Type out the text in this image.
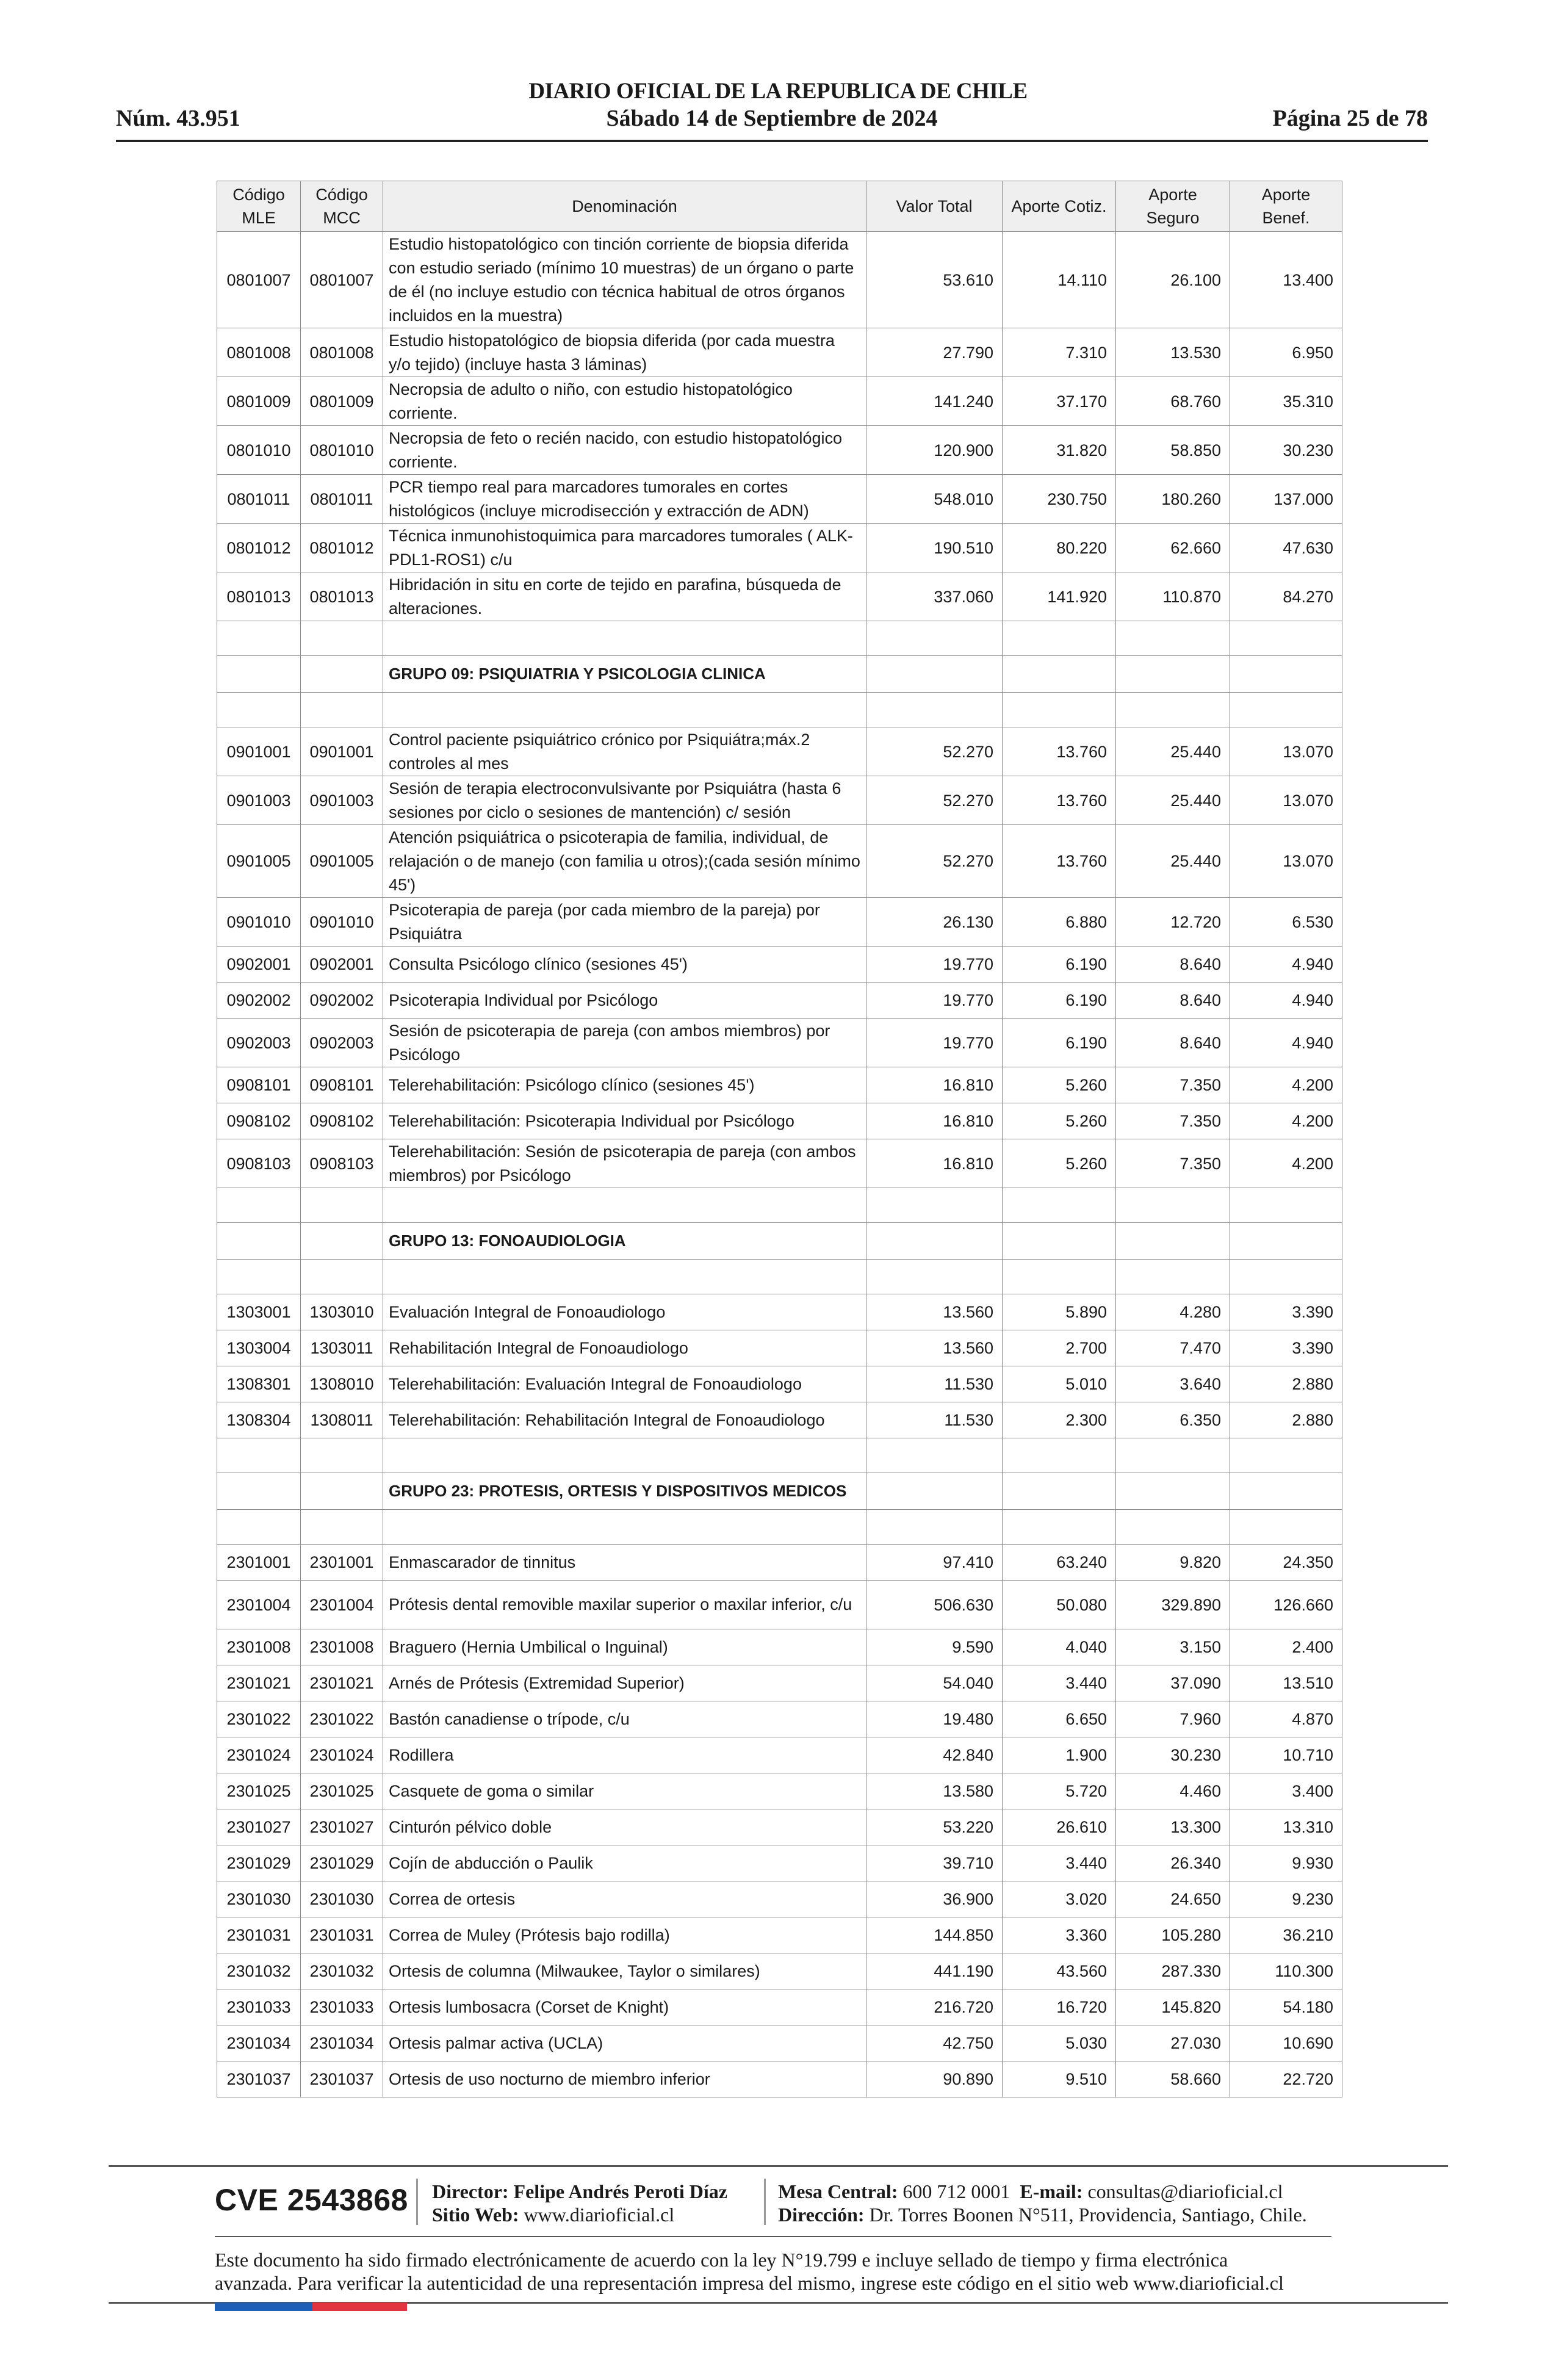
DIARIO OFICIAL DE LA REPUBLICA DE CHILE
Núm. 43.951	Sábado 14 de Septiembre de 2024	Página 25 de 78
Código MLE	Código MCC	Denominación	Valor Total	Aporte Cotiz.	Aporte Seguro	Aporte Benef.
0801007	0801007	Estudio histopatológico con tinción corriente de biopsia diferida con estudio seriado (mínimo 10 muestras) de un órgano o parte de él (no incluye estudio con técnica habitual de otros órganos incluidos en la muestra)	53.610	14.110	26.100	13.400
0801008	0801008	Estudio histopatológico de biopsia diferida (por cada muestra y/o tejido) (incluye hasta 3 láminas)	27.790	7.310	13.530	6.950
0801009	0801009	Necropsia de adulto o niño, con estudio histopatológico corriente.	141.240	37.170	68.760	35.310
0801010	0801010	Necropsia de feto o recién nacido, con estudio histopatológico corriente.	120.900	31.820	58.850	30.230
0801011	0801011	PCR tiempo real para marcadores tumorales en cortes histológicos (incluye microdisección y extracción de ADN)	548.010	230.750	180.260	137.000
0801012	0801012	Técnica inmunohistoquimica para marcadores tumorales ( ALK-PDL1-ROS1) c/u	190.510	80.220	62.660	47.630
0801013	0801013	Hibridación in situ en corte de tejido en parafina, búsqueda de alteraciones.	337.060	141.920	110.870	84.270

		GRUPO 09: PSIQUIATRIA Y PSICOLOGIA CLINICA				

0901001	0901001	Control paciente psiquiátrico crónico por Psiquiátra;máx.2 controles al mes	52.270	13.760	25.440	13.070
0901003	0901003	Sesión de terapia electroconvulsivante por Psiquiátra (hasta 6 sesiones por ciclo o sesiones de mantención) c/ sesión	52.270	13.760	25.440	13.070
0901005	0901005	Atención psiquiátrica o psicoterapia de familia, individual, de relajación o de manejo (con familia u otros);(cada sesión mínimo 45')	52.270	13.760	25.440	13.070
0901010	0901010	Psicoterapia de pareja (por cada miembro de la pareja) por Psiquiátra	26.130	6.880	12.720	6.530
0902001	0902001	Consulta Psicólogo clínico (sesiones 45')	19.770	6.190	8.640	4.940
0902002	0902002	Psicoterapia Individual por Psicólogo	19.770	6.190	8.640	4.940
0902003	0902003	Sesión de psicoterapia de pareja (con ambos miembros) por Psicólogo	19.770	6.190	8.640	4.940
0908101	0908101	Telerehabilitación: Psicólogo clínico (sesiones 45')	16.810	5.260	7.350	4.200
0908102	0908102	Telerehabilitación: Psicoterapia Individual por Psicólogo	16.810	5.260	7.350	4.200
0908103	0908103	Telerehabilitación: Sesión de psicoterapia de pareja (con ambos miembros) por Psicólogo	16.810	5.260	7.350	4.200

		GRUPO 13: FONOAUDIOLOGIA				

1303001	1303010	Evaluación Integral de Fonoaudiologo	13.560	5.890	4.280	3.390
1303004	1303011	Rehabilitación Integral de Fonoaudiologo	13.560	2.700	7.470	3.390
1308301	1308010	Telerehabilitación: Evaluación Integral de Fonoaudiologo	11.530	5.010	3.640	2.880
1308304	1308011	Telerehabilitación: Rehabilitación Integral de Fonoaudiologo	11.530	2.300	6.350	2.880

		GRUPO 23: PROTESIS, ORTESIS Y DISPOSITIVOS MEDICOS				

2301001	2301001	Enmascarador de tinnitus	97.410	63.240	9.820	24.350
2301004	2301004	Prótesis dental removible maxilar superior o maxilar inferior, c/u	506.630	50.080	329.890	126.660
2301008	2301008	Braguero (Hernia Umbilical o Inguinal)	9.590	4.040	3.150	2.400
2301021	2301021	Arnés de Prótesis (Extremidad Superior)	54.040	3.440	37.090	13.510
2301022	2301022	Bastón canadiense o trípode, c/u	19.480	6.650	7.960	4.870
2301024	2301024	Rodillera	42.840	1.900	30.230	10.710
2301025	2301025	Casquete de goma o similar	13.580	5.720	4.460	3.400
2301027	2301027	Cinturón pélvico doble	53.220	26.610	13.300	13.310
2301029	2301029	Cojín de abducción o Paulik	39.710	3.440	26.340	9.930
2301030	2301030	Correa de ortesis	36.900	3.020	24.650	9.230
2301031	2301031	Correa de Muley (Prótesis bajo rodilla)	144.850	3.360	105.280	36.210
2301032	2301032	Ortesis de columna (Milwaukee, Taylor o similares)	441.190	43.560	287.330	110.300
2301033	2301033	Ortesis lumbosacra (Corset de Knight)	216.720	16.720	145.820	54.180
2301034	2301034	Ortesis palmar activa (UCLA)	42.750	5.030	27.030	10.690
2301037	2301037	Ortesis de uso nocturno de miembro inferior	90.890	9.510	58.660	22.720
CVE 2543868 Director: Felipe Andrés Peroti Díaz
Sitio Web: www.diarioficial.cl
Mesa Central: 600 712 0001 E-mail: consultas@diarioficial.cl
Dirección: Dr. Torres Boonen N°511, Providencia, Santiago, Chile.
Este documento ha sido firmado electrónicamente de acuerdo con la ley N°19.799 e incluye sellado de tiempo y firma electrónica
avanzada. Para verificar la autenticidad de una representación impresa del mismo, ingrese este código en el sitio web www.diarioficial.cl
